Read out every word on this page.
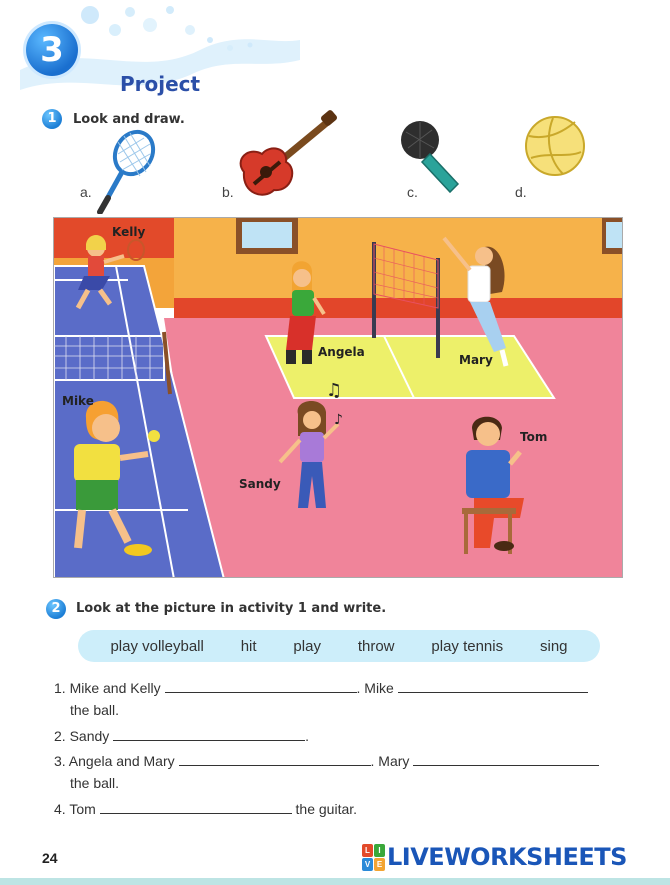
3
Project
1	Look and draw.
a.	b.	c.	d.
♫
♪
Kelly
Angela
Mary
Mike
Tom
Sandy
2	Look at the picture in activity 1 and write.
play volleyball hit play throw play tennis sing
1. Mike and Kelly	. Mike
the ball.
2. Sandy	.
3. Angela and Mary	. Mary
the ball.
4. Tom	the guitar.
24	L	I
V E LIVEWORKSHEETS
